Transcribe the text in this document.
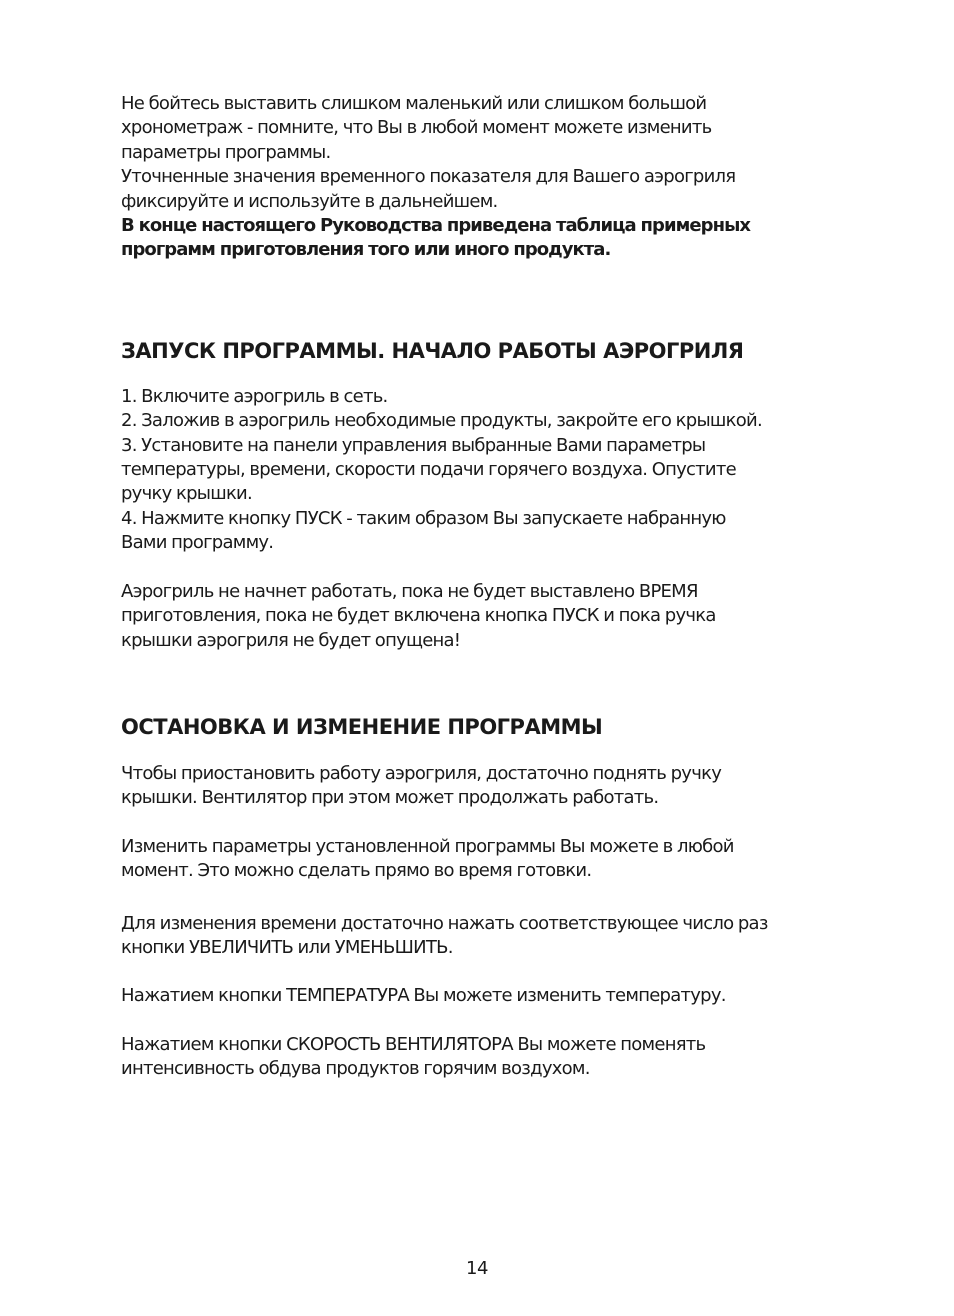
Не бойтесь выставить слишком маленький или слишком большой
хронометраж - помните, что Вы в любой момент можете изменить
параметры программы.

Уточненные значения временного показателя для Вашего аэрогриля
фиксируйте и используйте в дальнейшем.

В конце настоящего Руководства приведена таблица примерных
программ приготовления того или иного продукта.

ЗАПУСК ПРОГРАММЫ. НАЧАЛО РАБОТЫ АЭРОГРИЛЯ

1. Включите аэрогриль в сеть.

2. Заложив в аэрогриль необходимые продукты, закройте его крышкой.

3. Установите на панели управления выбранные Вами параметры
температуры, времени, скорости подачи горячего воздуха. Опустите
ручку крышки.

4. Нажмите кнопку ПУСК - таким образом Вы запускаете набранную
Вами программу.

Аэрогриль не начнет работать, пока не будет выставлено ВРЕМЯ
приготовления, пока не будет включена кнопка ПУСК и пока ручка
крышки аэрогриля не будет опущена!

ОСТАНОВКА И ИЗМЕНЕНИЕ ПРОГРАММЫ

Чтобы приостановить работу аэрогриля, достаточно поднять ручку
крышки. Вентилятор при этом может продолжать работать.

Изменить параметры установленной программы Вы можете в любой
момент. Это можно сделать прямо во время готовки.

Для изменения времени достаточно нажать соответствующее число раз
кнопки УВЕЛИЧИТЬ или УМЕНЬШИТЬ.

Нажатием кнопки ТЕМПЕРАТУРА Вы можете изменить температуру.

Нажатием кнопки СКОРОСТЬ ВЕНТИЛЯТОРА Вы можете поменять
интенсивность обдува продуктов горячим воздухом.

14
